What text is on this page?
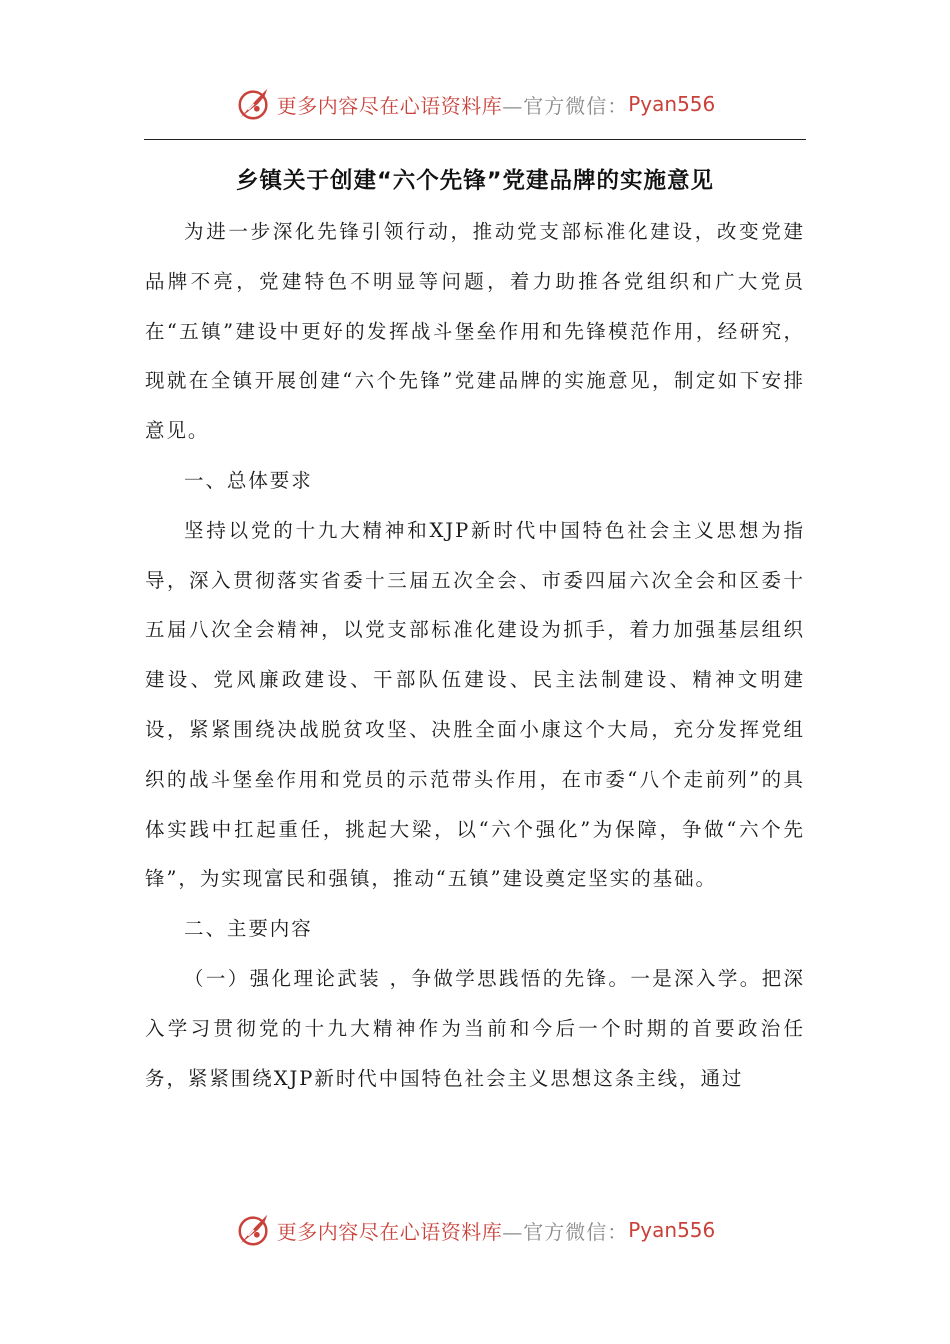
更多内容尽在心语资料库 —官方微信： Pyan556
乡镇关于创建“六个先锋”党建品牌的实施意见

为进一步深化先锋引领行动，推动党支部标准化建设，改变党建品牌不亮，党建特色不明显等问题，着力助推各党组织和广大党员在“五镇”建设中更好的发挥战斗堡垒作用和先锋模范作用，经研究，现就在全镇开展创建“六个先锋”党建品牌的实施意见，制定如下安排意见。

一、总体要求

坚持以党的十九大精神和XJP新时代中国特色社会主义思想为指导，深入贯彻落实省委十三届五次全会、市委四届六次全会和区委十五届八次全会精神，以党支部标准化建设为抓手，着力加强基层组织建设、党风廉政建设、干部队伍建设、民主法制建设、精神文明建设，紧紧围绕决战脱贫攻坚、决胜全面小康这个大局，充分发挥党组织的战斗堡垒作用和党员的示范带头作用，在市委“八个走前列”的具体实践中扛起重任，挑起大梁，以“六个强化”为保障，争做“六个先锋”，为实现富民和强镇，推动“五镇”建设奠定坚实的基础。

二、主要内容

（一）强化理论武装 ，争做学思践悟的先锋。一是深入学。把深入学习贯彻党的十九大精神作为当前和今后一个时期的首要政治任务，紧紧围绕XJP新时代中国特色社会主义思想这条主线，通过

更多内容尽在心语资料库 —官方微信： Pyan556
